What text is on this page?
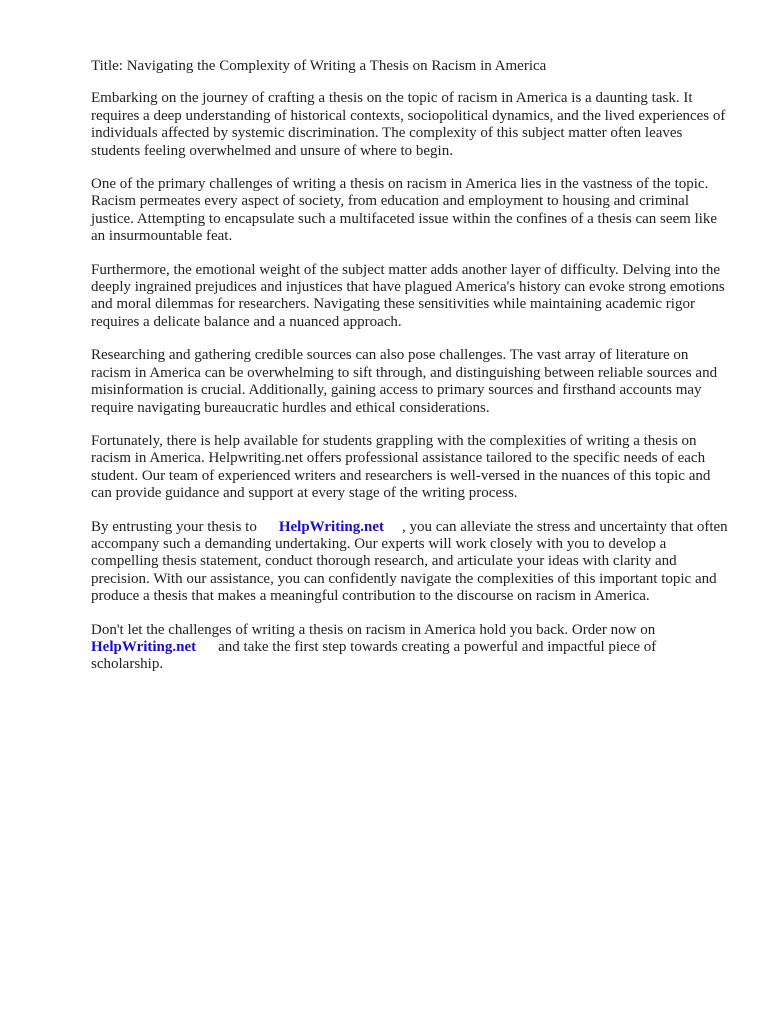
Title: Navigating the Complexity of Writing a Thesis on Racism in America

Embarking on the journey of crafting a thesis on the topic of racism in America is a daunting task. It requires a deep understanding of historical contexts, sociopolitical dynamics, and the lived experiences of individuals affected by systemic discrimination. The complexity of this subject matter often leaves students feeling overwhelmed and unsure of where to begin.

One of the primary challenges of writing a thesis on racism in America lies in the vastness of the topic. Racism permeates every aspect of society, from education and employment to housing and criminal justice. Attempting to encapsulate such a multifaceted issue within the confines of a thesis can seem like an insurmountable feat.

Furthermore, the emotional weight of the subject matter adds another layer of difficulty. Delving into the deeply ingrained prejudices and injustices that have plagued America's history can evoke strong emotions and moral dilemmas for researchers. Navigating these sensitivities while maintaining academic rigor requires a delicate balance and a nuanced approach.

Researching and gathering credible sources can also pose challenges. The vast array of literature on racism in America can be overwhelming to sift through, and distinguishing between reliable sources and misinformation is crucial. Additionally, gaining access to primary sources and firsthand accounts may require navigating bureaucratic hurdles and ethical considerations.

Fortunately, there is help available for students grappling with the complexities of writing a thesis on racism in America. Helpwriting.net offers professional assistance tailored to the specific needs of each student. Our team of experienced writers and researchers is well-versed in the nuances of this topic and can provide guidance and support at every stage of the writing process.

By entrusting your thesis to HelpWriting.net , you can alleviate the stress and uncertainty that often accompany such a demanding undertaking. Our experts will work closely with you to develop a compelling thesis statement, conduct thorough research, and articulate your ideas with clarity and precision. With our assistance, you can confidently navigate the complexities of this important topic and produce a thesis that makes a meaningful contribution to the discourse on racism in America.

Don't let the challenges of writing a thesis on racism in America hold you back. Order now on HelpWriting.net and take the first step towards creating a powerful and impactful piece of scholarship.
